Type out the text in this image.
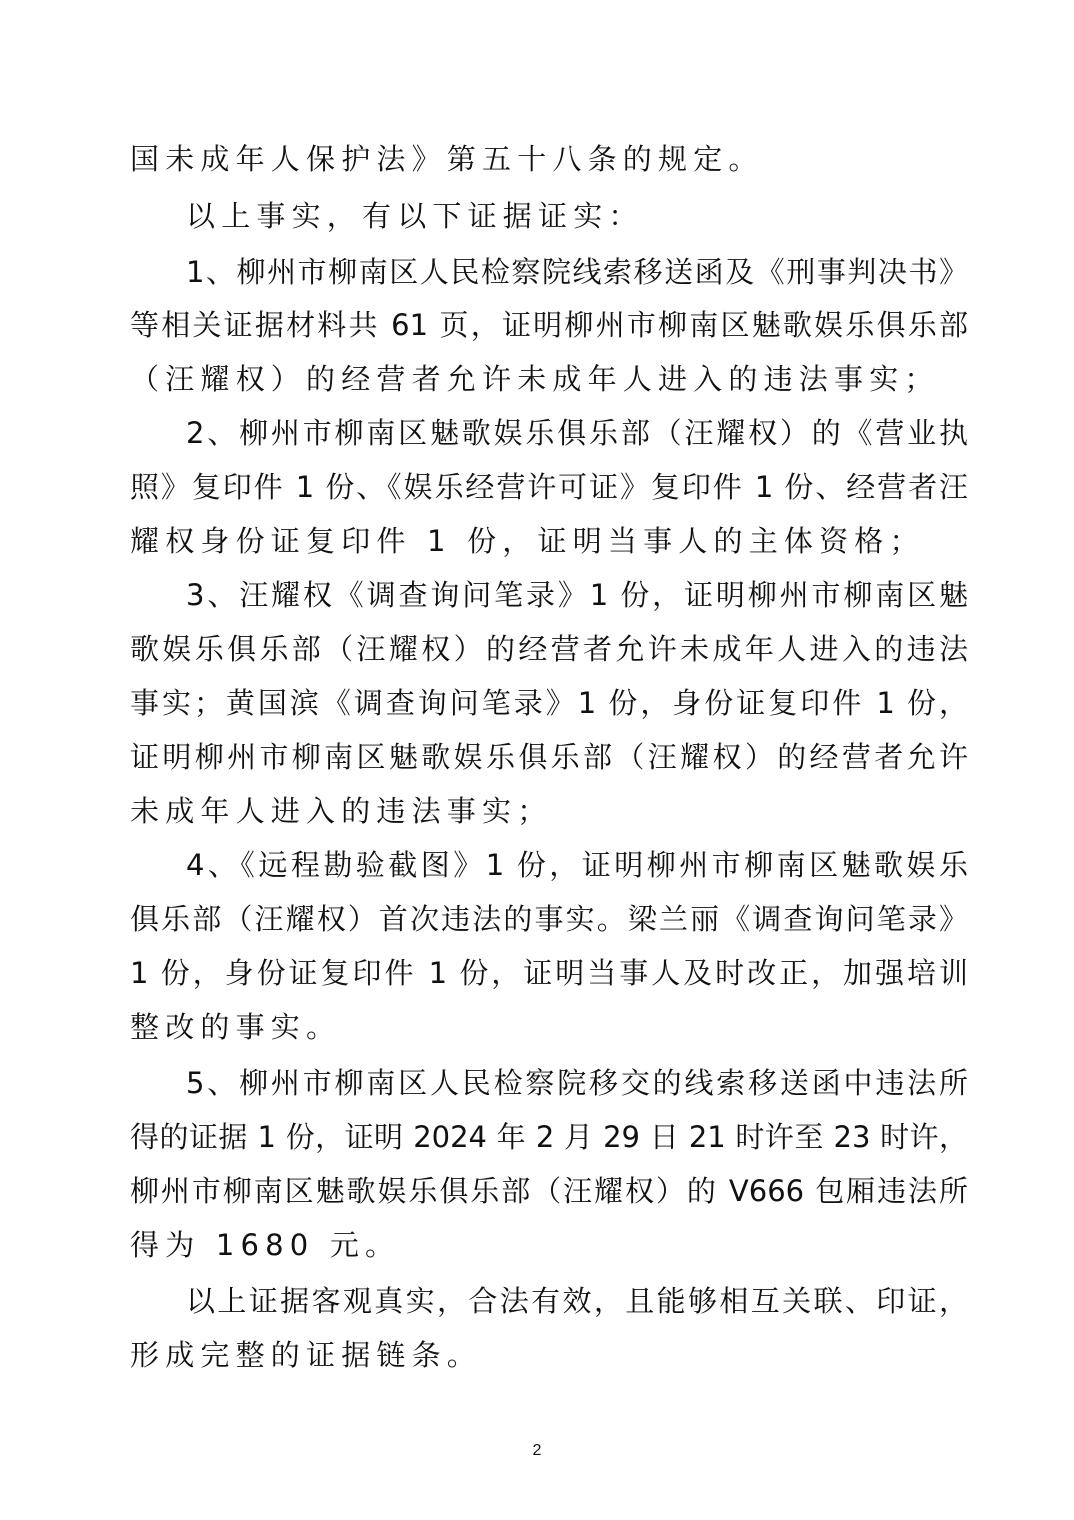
国未成年人保护法》第五十八条的规定。
以上事实，有以下证据证实：
1、柳州市柳南区人民检察院线索移送函及《刑事判决书》
等相关证据材料共 61 页，证明柳州市柳南区魅歌娱乐俱乐部
（汪耀权）的经营者允许未成年人进入的违法事实；
2、柳州市柳南区魅歌娱乐俱乐部（汪耀权）的《营业执
照》复印件 1 份、《娱乐经营许可证》复印件 1 份、经营者汪
耀权身份证复印件 1 份，证明当事人的主体资格；
3、汪耀权《调查询问笔录》1 份，证明柳州市柳南区魅
歌娱乐俱乐部（汪耀权）的经营者允许未成年人进入的违法
事实；黄国滨《调查询问笔录》1 份，身份证复印件 1 份，
证明柳州市柳南区魅歌娱乐俱乐部（汪耀权）的经营者允许
未成年人进入的违法事实；
4、《远程勘验截图》1 份，证明柳州市柳南区魅歌娱乐
俱乐部（汪耀权）首次违法的事实。梁兰丽《调查询问笔录》
1 份，身份证复印件 1 份，证明当事人及时改正，加强培训
整改的事实。
5、柳州市柳南区人民检察院移交的线索移送函中违法所
得的证据 1 份，证明 2024 年 2 月 29 日 21 时许至 23 时许，
柳州市柳南区魅歌娱乐俱乐部（汪耀权）的 V666 包厢违法所
得为 1680 元。
以上证据客观真实，合法有效，且能够相互关联、印证，
形成完整的证据链条。
2
